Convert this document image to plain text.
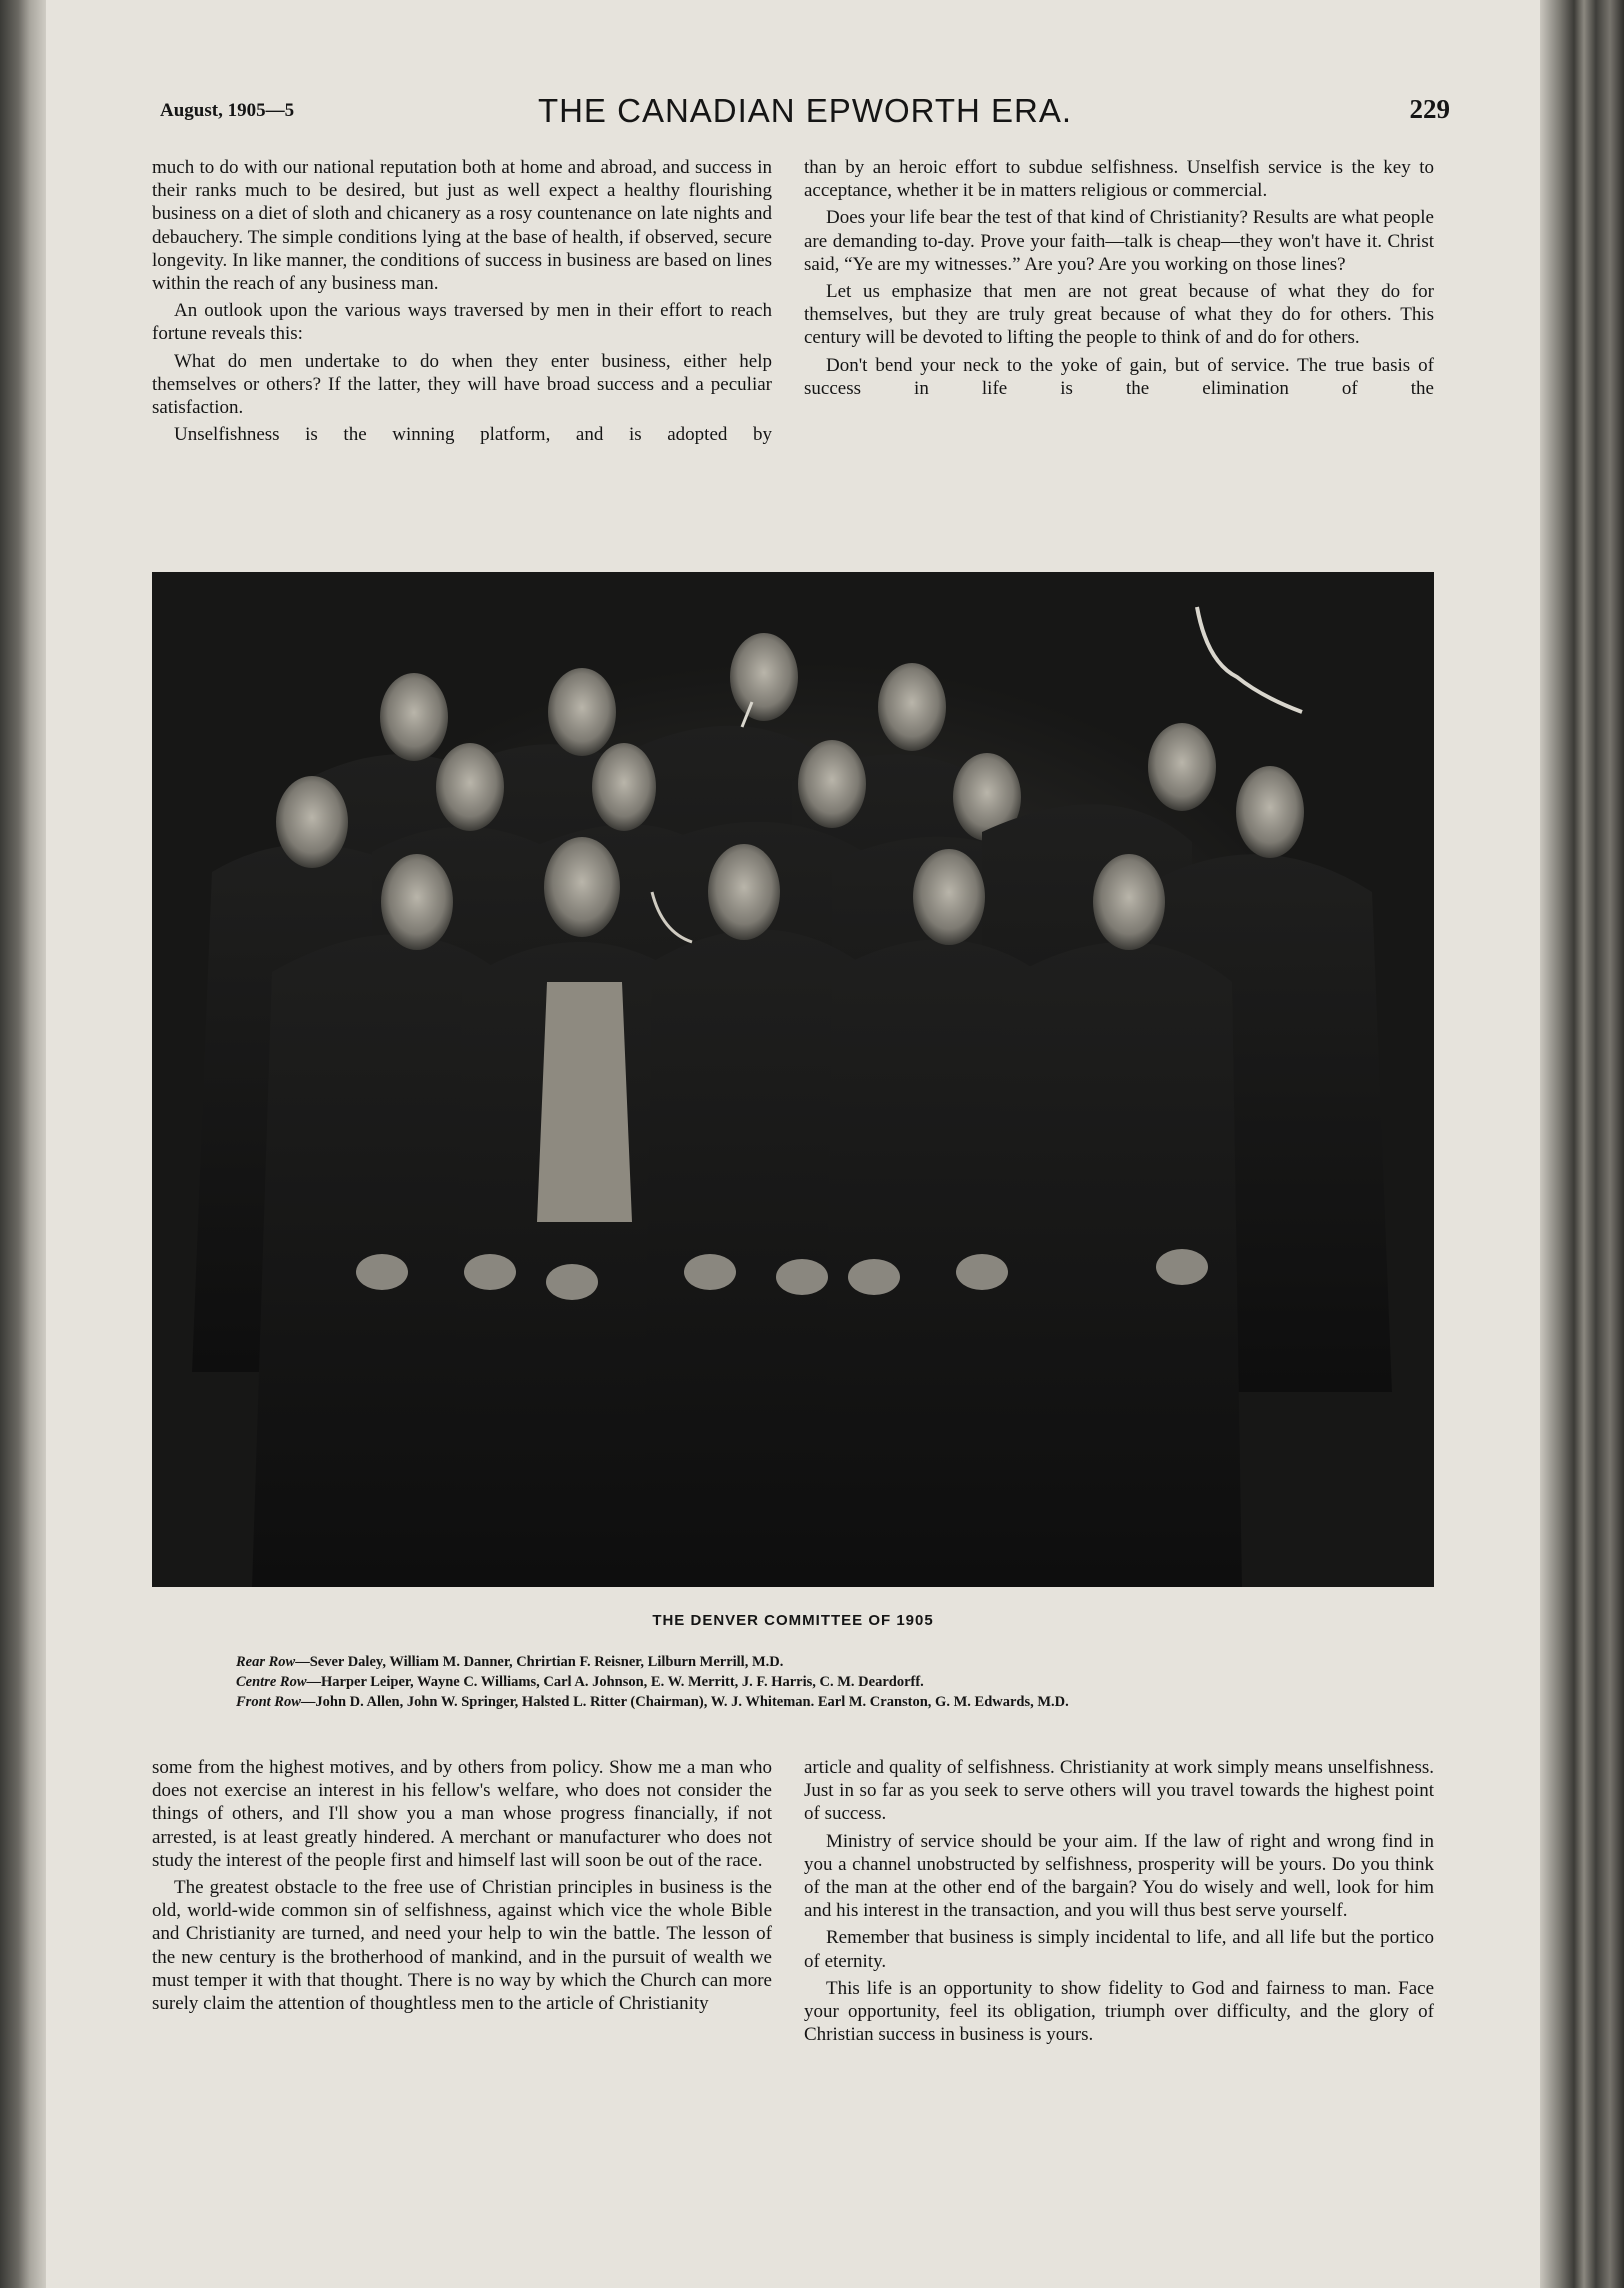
August, 1905—5	THE CANADIAN EPWORTH ERA.	229

much to do with our national reputation both at home and abroad, and success in their ranks much to be desired, but just as well expect a healthy flourishing business on a diet of sloth and chicanery as a rosy countenance on late nights and debauchery. The simple conditions lying at the base of health, if observed, secure longevity. In like manner, the conditions of success in business are based on lines within the reach of any business man.

An outlook upon the various ways traversed by men in their effort to reach fortune reveals this:

What do men undertake to do when they enter business, either help themselves or others? If the latter, they will have broad success and a peculiar satisfaction.

Unselfishness is the winning platform, and is adopted by

than by an heroic effort to subdue selfishness. Unselfish service is the key to acceptance, whether it be in matters religious or commercial.

Does your life bear the test of that kind of Christianity? Results are what people are demanding to-day. Prove your faith—talk is cheap—they won't have it. Christ said, “Ye are my witnesses.” Are you? Are you working on those lines?

Let us emphasize that men are not great because of what they do for themselves, but they are truly great because of what they do for others. This century will be devoted to lifting the people to think of and do for others.

Don't bend your neck to the yoke of gain, but of service. The true basis of success in life is the elimination of the

THE DENVER COMMITTEE OF 1905
Rear Row—Sever Daley, William M. Danner, Chrirtian F. Reisner, Lilburn Merrill, M.D.
Centre Row—Harper Leiper, Wayne C. Williams, Carl A. Johnson, E. W. Merritt, J. F. Harris, C. M. Deardorff.
Front Row—John D. Allen, John W. Springer, Halsted L. Ritter (Chairman), W. J. Whiteman. Earl M. Cranston, G. M. Edwards, M.D.

some from the highest motives, and by others from policy. Show me a man who does not exercise an interest in his fellow's welfare, who does not consider the things of others, and I'll show you a man whose progress financially, if not arrested, is at least greatly hindered. A merchant or manufacturer who does not study the interest of the people first and himself last will soon be out of the race.

The greatest obstacle to the free use of Christian principles in business is the old, world-wide common sin of selfishness, against which vice the whole Bible and Christianity are turned, and need your help to win the battle. The lesson of the new century is the brotherhood of mankind, and in the pursuit of wealth we must temper it with that thought. There is no way by which the Church can more surely claim the attention of thoughtless men to the article of Christianity

article and quality of selfishness. Christianity at work simply means unselfishness. Just in so far as you seek to serve others will you travel towards the highest point of success.

Ministry of service should be your aim. If the law of right and wrong find in you a channel unobstructed by selfishness, prosperity will be yours. Do you think of the man at the other end of the bargain? You do wisely and well, look for him and his interest in the transaction, and you will thus best serve yourself.

Remember that business is simply incidental to life, and all life but the portico of eternity.

This life is an opportunity to show fidelity to God and fairness to man. Face your opportunity, feel its obligation, triumph over difficulty, and the glory of Christian success in business is yours.
